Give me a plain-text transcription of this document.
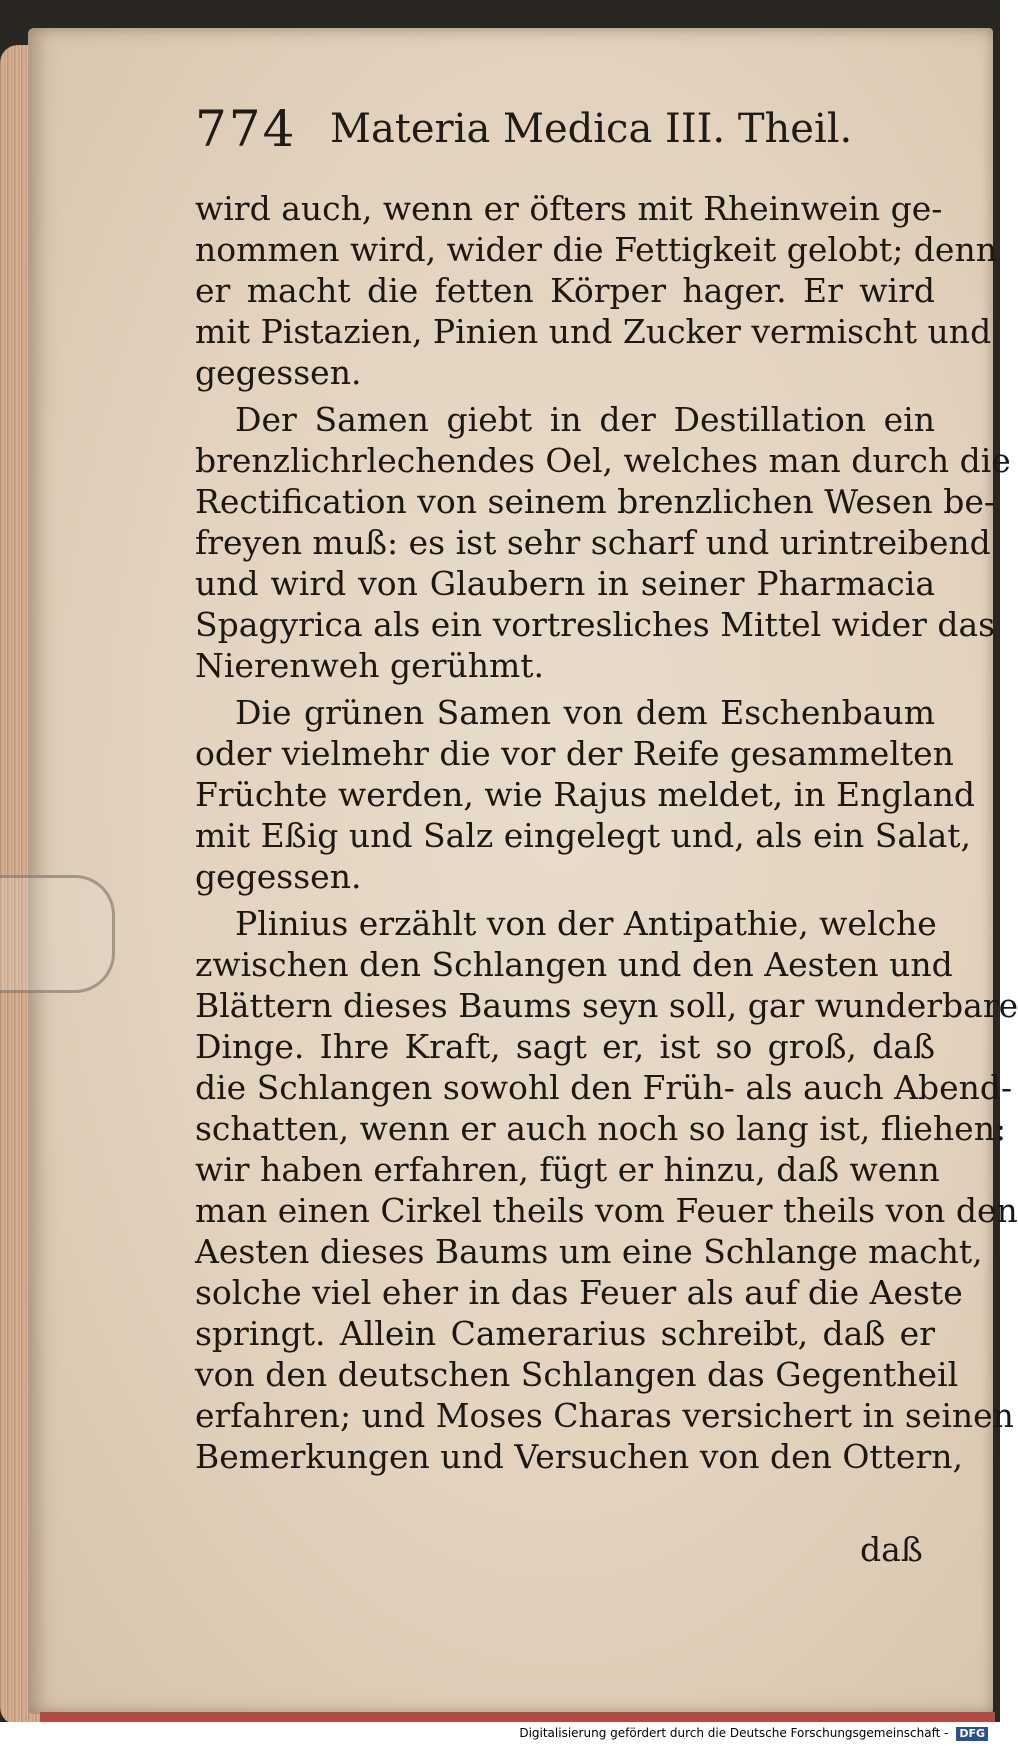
774 Materia Medica III. Theil.
wird auch, wenn er öfters mit Rheinwein ge-
nommen wird, wider die Fettigkeit gelobt; denn
er macht die fetten Körper hager. Er wird
mit Pistazien, Pinien und Zucker vermischt und
gegessen.
Der Samen giebt in der Destillation ein
brenzlichrlechendes Oel, welches man durch die
Rectification von seinem brenzlichen Wesen be-
freyen muß: es ist sehr scharf und urintreibend
und wird von Glaubern in seiner Pharmacia
Spagyrica als ein vortresliches Mittel wider das
Nierenweh gerühmt.
Die grünen Samen von dem Eschenbaum
oder vielmehr die vor der Reife gesammelten
Früchte werden, wie Rajus meldet, in England
mit Eßig und Salz eingelegt und, als ein Salat,
gegessen.
Plinius erzählt von der Antipathie, welche
zwischen den Schlangen und den Aesten und
Blättern dieses Baums seyn soll, gar wunderbare
Dinge. Ihre Kraft, sagt er, ist so groß, daß
die Schlangen sowohl den Früh- als auch Abend-
schatten, wenn er auch noch so lang ist, fliehen:
wir haben erfahren, fügt er hinzu, daß wenn
man einen Cirkel theils vom Feuer theils von den
Aesten dieses Baums um eine Schlange macht,
solche viel eher in das Feuer als auf die Aeste
springt. Allein Camerarius schreibt, daß er
von den deutschen Schlangen das Gegentheil
erfahren; und Moses Charas versichert in seinen
Bemerkungen und Versuchen von den Ottern,
daß
Digitalisierung gefördert durch die Deutsche Forschungsgemeinschaft - DFG
